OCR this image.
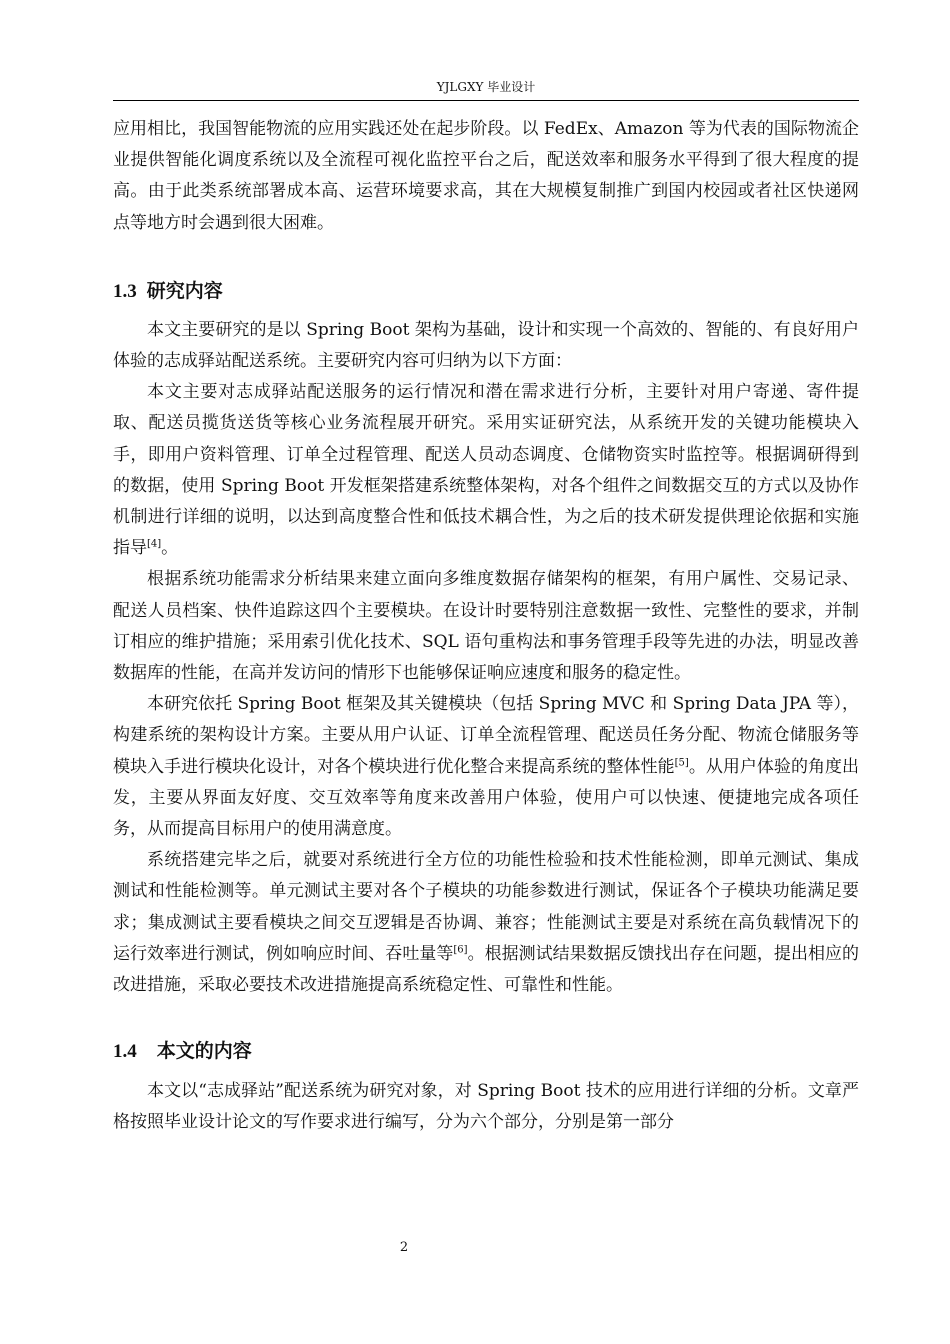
YJLGXY 毕业设计

应用相比，我国智能物流的应用实践还处在起步阶段。以 FedEx、Amazon 等为代表的国际物流企业提供智能化调度系统以及全流程可视化监控平台之后，配送效率和服务水平得到了很大程度的提高。由于此类系统部署成本高、运营环境要求高，其在大规模复制推广到国内校园或者社区快递网点等地方时会遇到很大困难。

1.3 研究内容

本文主要研究的是以 Spring Boot 架构为基础，设计和实现一个高效的、智能的、有良好用户体验的志成驿站配送系统。主要研究内容可归纳为以下方面：

本文主要对志成驿站配送服务的运行情况和潜在需求进行分析，主要针对用户寄递、寄件提取、配送员揽货送货等核心业务流程展开研究。采用实证研究法，从系统开发的关键功能模块入手，即用户资料管理、订单全过程管理、配送人员动态调度、仓储物资实时监控等。根据调研得到的数据，使用 Spring Boot 开发框架搭建系统整体架构，对各个组件之间数据交互的方式以及协作机制进行详细的说明，以达到高度整合性和低技术耦合性，为之后的技术研发提供理论依据和实施指导[4]。

根据系统功能需求分析结果来建立面向多维度数据存储架构的框架，有用户属性、交易记录、配送人员档案、快件追踪这四个主要模块。在设计时要特别注意数据一致性、完整性的要求，并制订相应的维护措施；采用索引优化技术、SQL 语句重构法和事务管理手段等先进的办法，明显改善数据库的性能，在高并发访问的情形下也能够保证响应速度和服务的稳定性。

本研究依托 Spring Boot 框架及其关键模块（包括 Spring MVC 和 Spring Data JPA 等），构建系统的架构设计方案。主要从用户认证、订单全流程管理、配送员任务分配、物流仓储服务等模块入手进行模块化设计，对各个模块进行优化整合来提高系统的整体性能[5]。从用户体验的角度出发，主要从界面友好度、交互效率等角度来改善用户体验，使用户可以快速、便捷地完成各项任务，从而提高目标用户的使用满意度。

系统搭建完毕之后，就要对系统进行全方位的功能性检验和技术性能检测，即单元测试、集成测试和性能检测等。单元测试主要对各个子模块的功能参数进行测试，保证各个子模块功能满足要求；集成测试主要看模块之间交互逻辑是否协调、兼容；性能测试主要是对系统在高负载情况下的运行效率进行测试，例如响应时间、吞吐量等[6]。根据测试结果数据反馈找出存在问题，提出相应的改进措施，采取必要技术改进措施提高系统稳定性、可靠性和性能。

1.4 本文的内容

本文以“志成驿站”配送系统为研究对象，对 Spring Boot 技术的应用进行详细的分析。文章严格按照毕业设计论文的写作要求进行编写，分为六个部分，分别是第一部分

2
